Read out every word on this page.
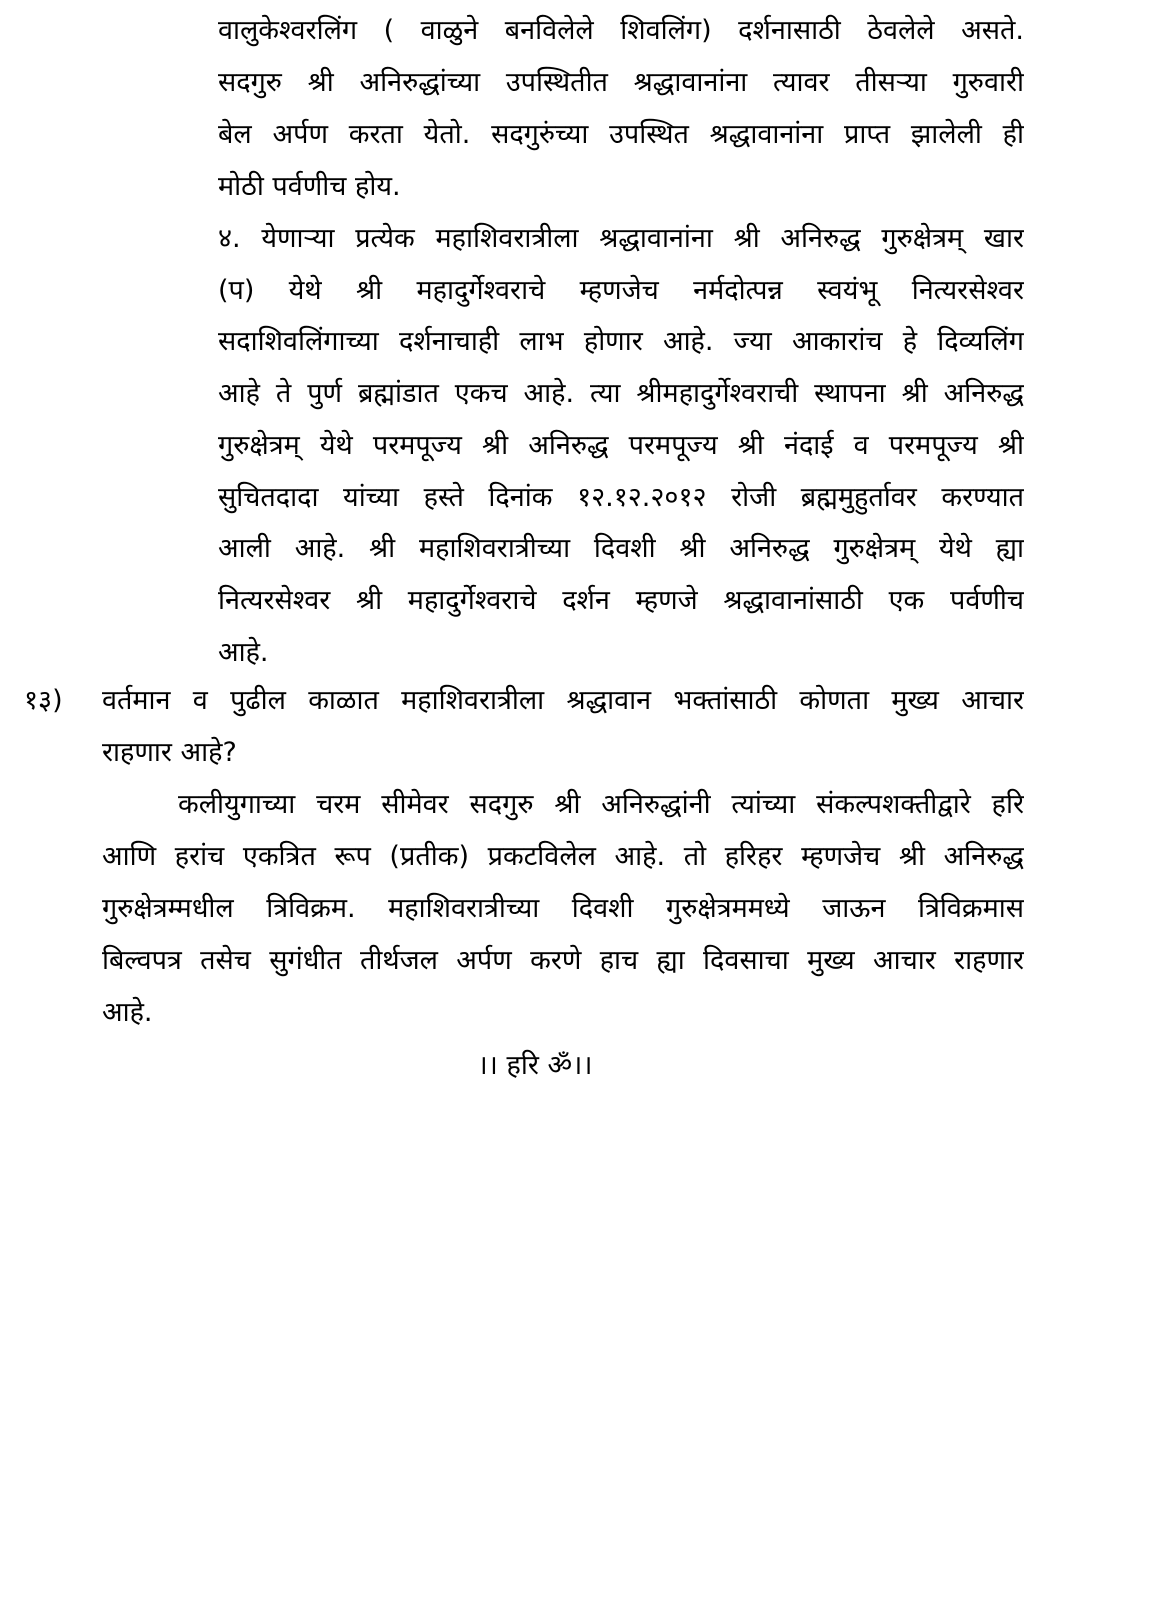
वालुकेश्वरलिंग ( वाळुने बनविलेले शिवलिंग) दर्शनासाठी ठेवलेले असते.
सदगुरु श्री अनिरुद्धांच्या उपस्थितीत श्रद्धावानांना त्यावर तीसऱ्या गुरुवारी
बेल अर्पण करता येतो. सदगुरुंच्या उपस्थित श्रद्धावानांना प्राप्त झालेली ही
मोठी पर्वणीच होय.
४. येणाऱ्या प्रत्येक महाशिवरात्रीला श्रद्धावानांना श्री अनिरुद्ध गुरुक्षेत्रम् खार
(प) येथे श्री महादुर्गेश्वराचे म्हणजेच नर्मदोत्पन्न स्वयंभू नित्यरसेश्वर
सदाशिवलिंगाच्या दर्शनाचाही लाभ होणार आहे. ज्या आकारांच हे दिव्यलिंग
आहे ते पुर्ण ब्रह्मांडात एकच आहे. त्या श्रीमहादुर्गेश्वराची स्थापना श्री अनिरुद्ध
गुरुक्षेत्रम् येथे परमपूज्य श्री अनिरुद्ध परमपूज्य श्री नंदाई व परमपूज्य श्री
सुचितदादा यांच्या हस्ते दिनांक १२.१२.२०१२ रोजी ब्रह्ममुहुर्तावर करण्यात
आली आहे. श्री महाशिवरात्रीच्या दिवशी श्री अनिरुद्ध गुरुक्षेत्रम् येथे ह्या
नित्यरसेश्वर श्री महादुर्गेश्वराचे दर्शन म्हणजे श्रद्धावानांसाठी एक पर्वणीच
आहे.
१३) वर्तमान व पुढील काळात महाशिवरात्रीला श्रद्धावान भक्तांसाठी कोणता मुख्य आचार
राहणार आहे?
कलीयुगाच्या चरम सीमेवर सदगुरु श्री अनिरुद्धांनी त्यांच्या संकल्पशक्तीद्वारे हरि
आणि हरांच एकत्रित रूप (प्रतीक) प्रकटविलेल आहे. तो हरिहर म्हणजेच श्री अनिरुद्ध
गुरुक्षेत्रम्मधील त्रिविक्रम. महाशिवरात्रीच्या दिवशी गुरुक्षेत्रममध्ये जाऊन त्रिविक्रमास
बिल्वपत्र तसेच सुगंधीत तीर्थजल अर्पण करणे हाच ह्या दिवसाचा मुख्य आचार राहणार
आहे.
।। हरि ॐ।।
